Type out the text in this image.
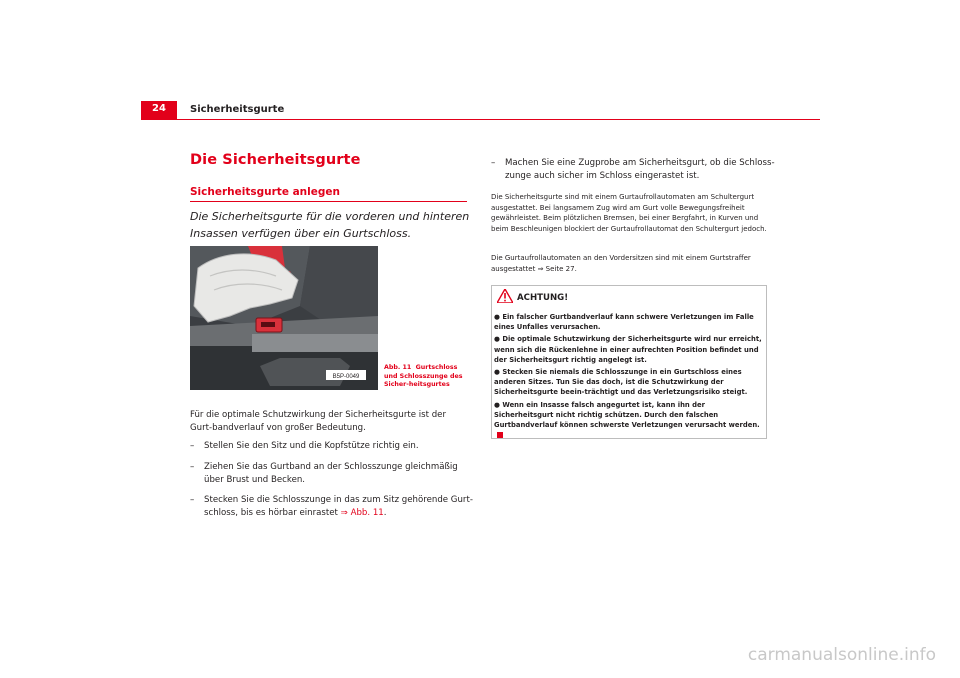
24	Sicherheitsgurte
Die Sicherheitsgurte
Sicherheitsgurte anlegen
Die Sicherheitsgurte für die vorderen und hinteren Insassen verfügen über ein Gurtschloss.
B5P-0049
Abb. 11 Gurtschloss und Schlosszunge des Sicher-heitsgurtes
Für die optimale Schutzwirkung der Sicherheitsgurte ist der Gurt-bandverlauf von großer Bedeutung.
– Stellen Sie den Sitz und die Kopfstütze richtig ein.
– Ziehen Sie das Gurtband an der Schlosszunge gleichmäßig über Brust und Becken.
– Stecken Sie die Schlosszunge in das zum Sitz gehörende Gurt-schloss, bis es hörbar einrastet ⇒ Abb. 11.
– Machen Sie eine Zugprobe am Sicherheitsgurt, ob die Schloss-zunge auch sicher im Schloss eingerastet ist.
Die Sicherheitsgurte sind mit einem Gurtaufrollautomaten am Schultergurt ausgestattet. Bei langsamem Zug wird am Gurt volle Bewegungsfreiheit gewährleistet. Beim plötzlichen Bremsen, bei einer Bergfahrt, in Kurven und beim Beschleunigen blockiert der Gurtaufrollautomat den Schultergurt jedoch.
Die Gurtaufrollautomaten an den Vordersitzen sind mit einem Gurtstraffer ausgestattet ⇒ Seite 27.
ACHTUNG!
● Ein falscher Gurtbandverlauf kann schwere Verletzungen im Falle eines Unfalles verursachen.
● Die optimale Schutzwirkung der Sicherheitsgurte wird nur erreicht, wenn sich die Rückenlehne in einer aufrechten Position befindet und der Sicherheitsgurt richtig angelegt ist.
● Stecken Sie niemals die Schlosszunge in ein Gurtschloss eines anderen Sitzes. Tun Sie das doch, ist die Schutzwirkung der Sicherheitsgurte beein-trächtigt und das Verletzungsrisiko steigt.
● Wenn ein Insasse falsch angegurtet ist, kann ihn der Sicherheitsgurt nicht richtig schützen. Durch den falschen Gurtbandverlauf können schwerste Verletzungen verursacht werden.
carmanualsonline.info
